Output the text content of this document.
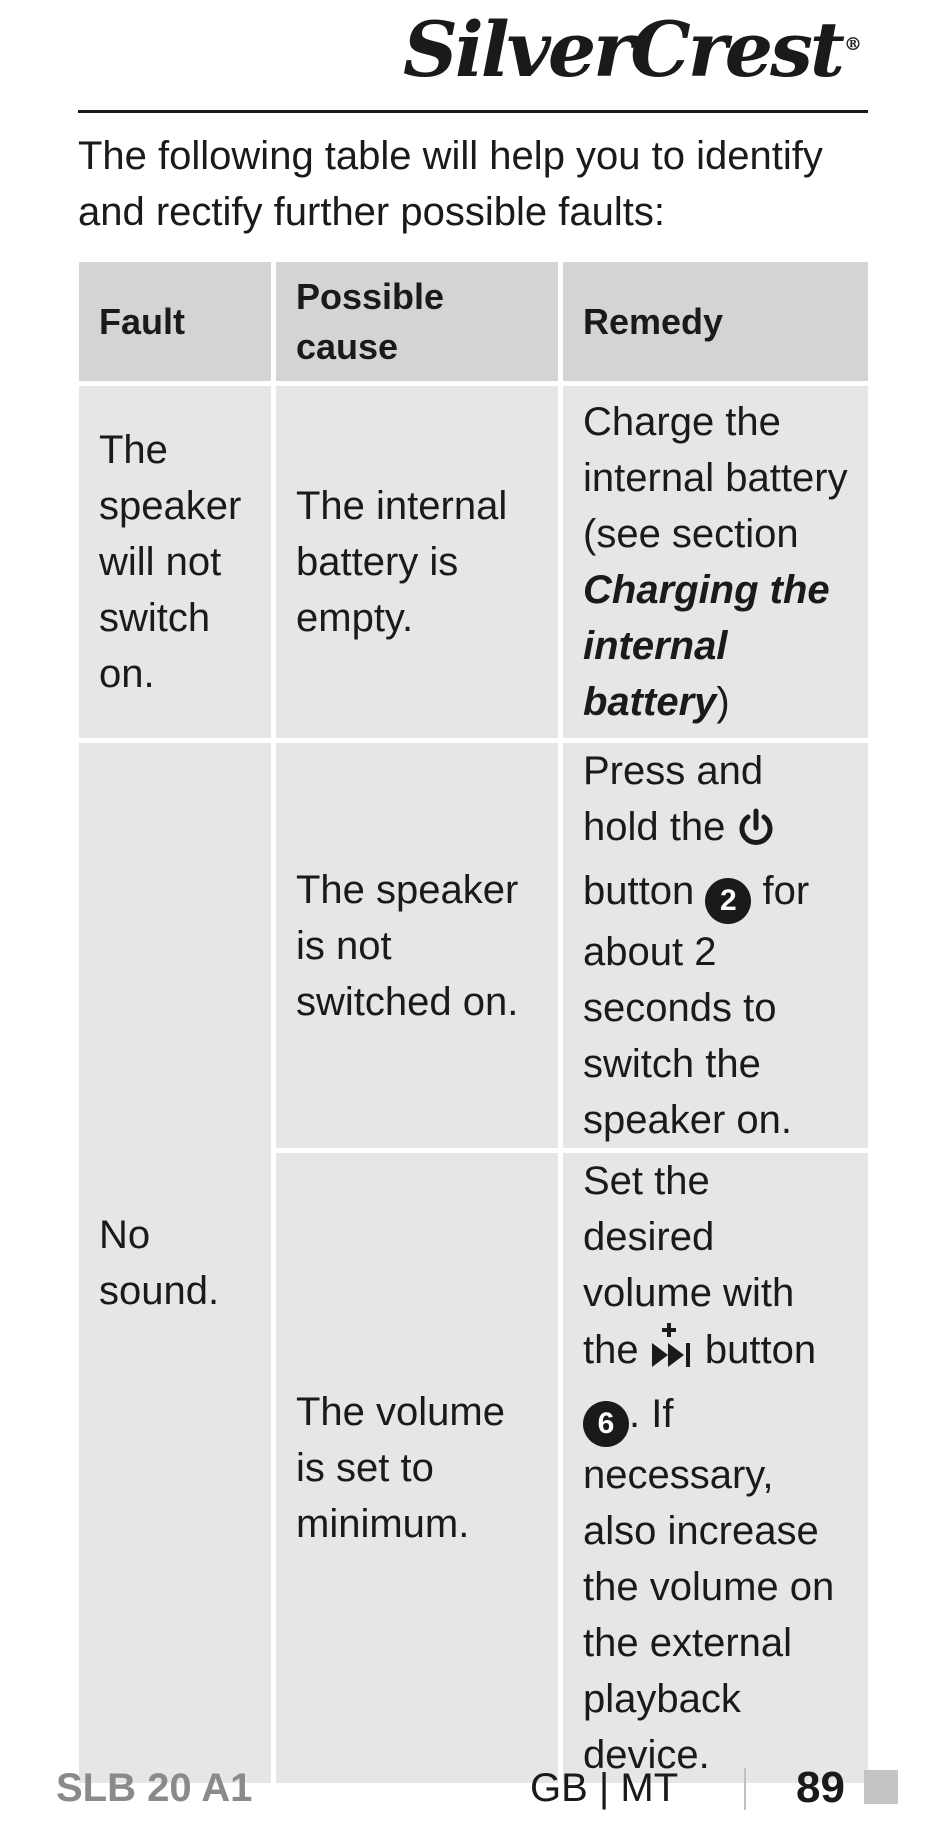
SilverCrest ®

The following table will help you to identify and rectify further possible faults:

Fault	Possible cause	Remedy
The speaker will not switch on.	The internal battery is empty.	Charge the internal battery (see section Charging the internal battery)
No sound.	The speaker is not switched on.	Press and hold the  button 2 for about 2 seconds to switch the speaker on.
	The volume is set to minimum.	Set the desired volume with the button 6 . If necessary, also increase the volume on the external playback device.
SLB 20 A1	GB | MT	89
